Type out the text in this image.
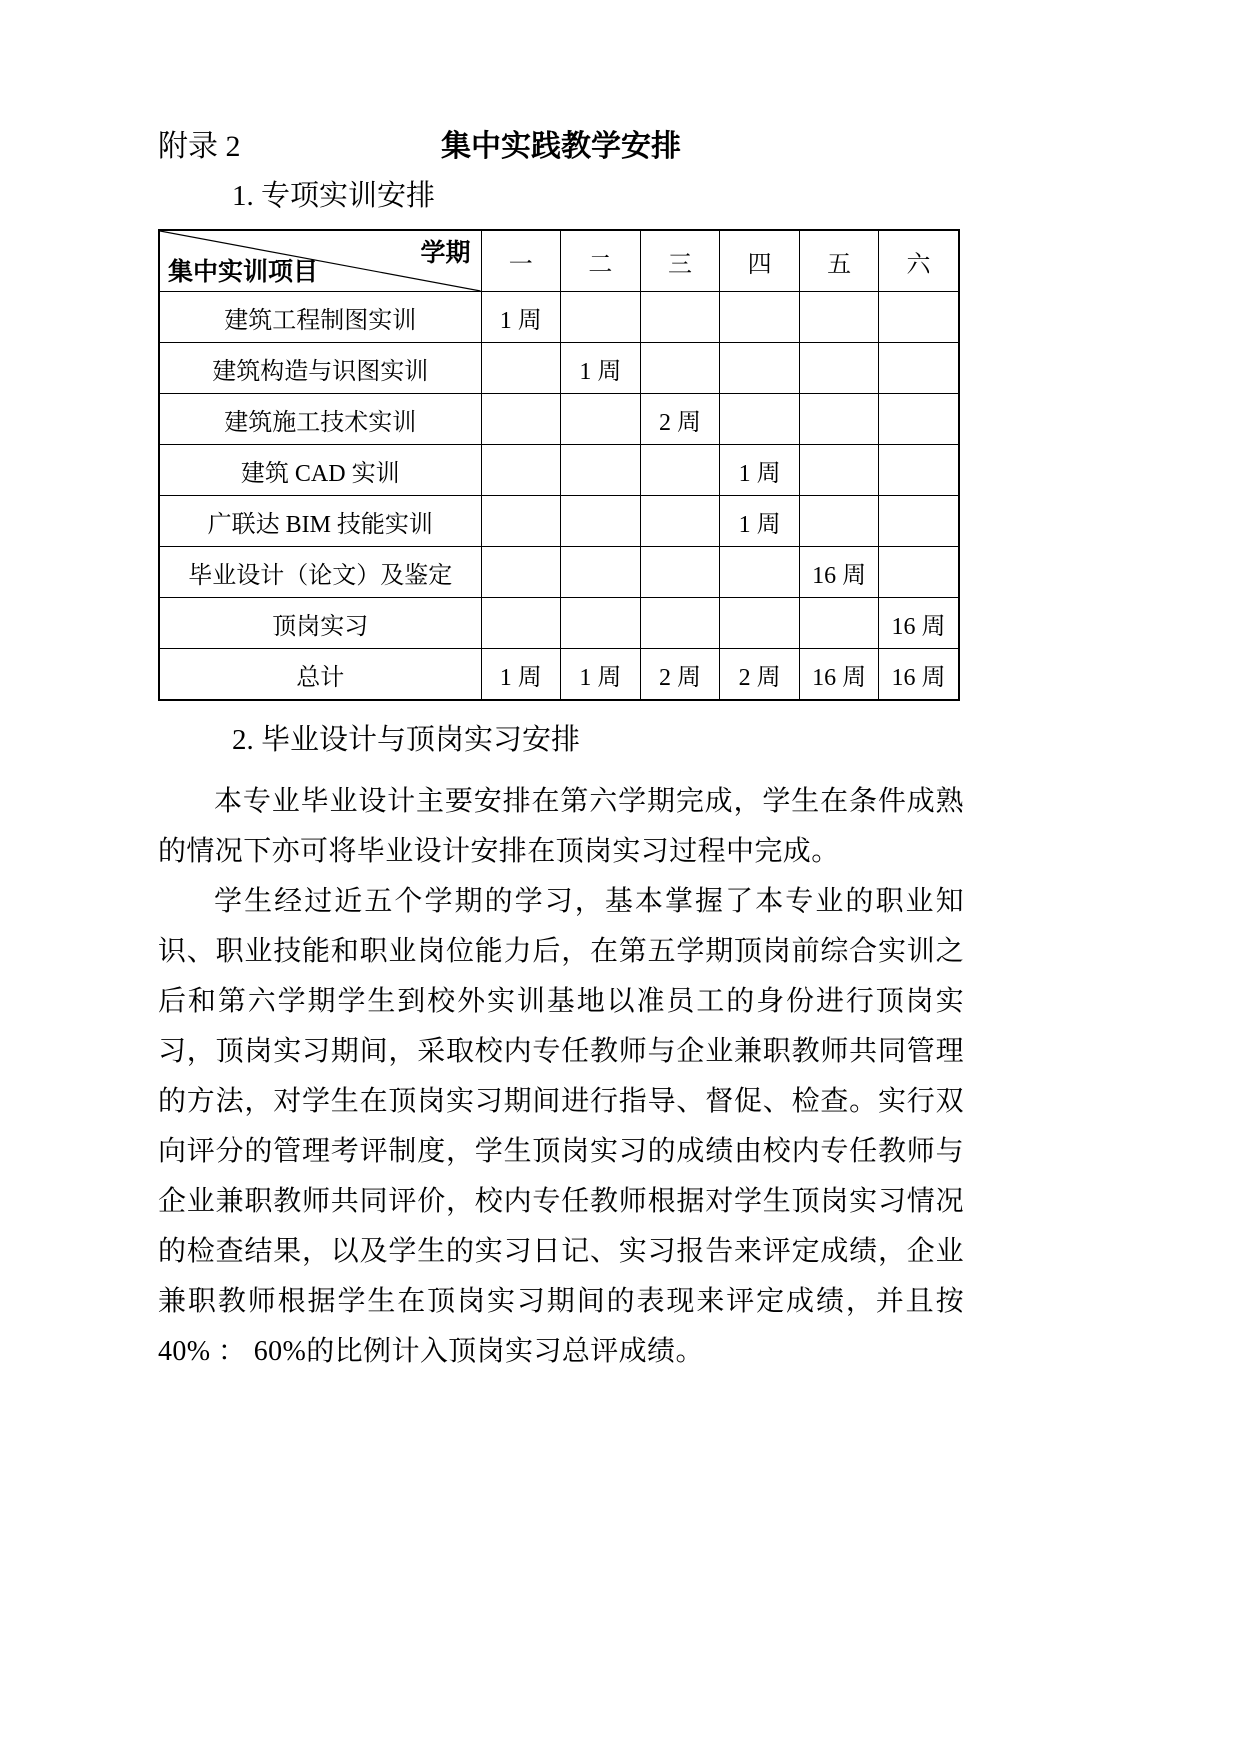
附录 2	集中实践教学安排
1. 专项实训安排
学期
集中实训项目	一	二	三	四	五	六
建筑工程制图实训	1 周					
建筑构造与识图实训		1 周				
建筑施工技术实训			2 周			
建筑 CAD 实训				1 周		
广联达 BIM 技能实训				1 周		
毕业设计（论文）及鉴定					16 周	
顶岗实习						16 周
总计	1 周	1 周	2 周	2 周	16 周	16 周
2. 毕业设计与顶岗实习安排

本专业毕业设计主要安排在第六学期完成，学生在条件成熟的情况下亦可将毕业设计安排在顶岗实习过程中完成。

学生经过近五个学期的学习，基本掌握了本专业的职业知识、职业技能和职业岗位能力后，在第五学期顶岗前综合实训之后和第六学期学生到校外实训基地以准员工的身份进行顶岗实习，顶岗实习期间，采取校内专任教师与企业兼职教师共同管理的方法，对学生在顶岗实习期间进行指导、督促、检查。实行双向评分的管理考评制度，学生顶岗实习的成绩由校内专任教师与企业兼职教师共同评价，校内专任教师根据对学生顶岗实习情况的检查结果，以及学生的实习日记、实习报告来评定成绩，企业兼职教师根据学生在顶岗实习期间的表现来评定成绩，并且按 40% ： 60%的比例计入顶岗实习总评成绩。
